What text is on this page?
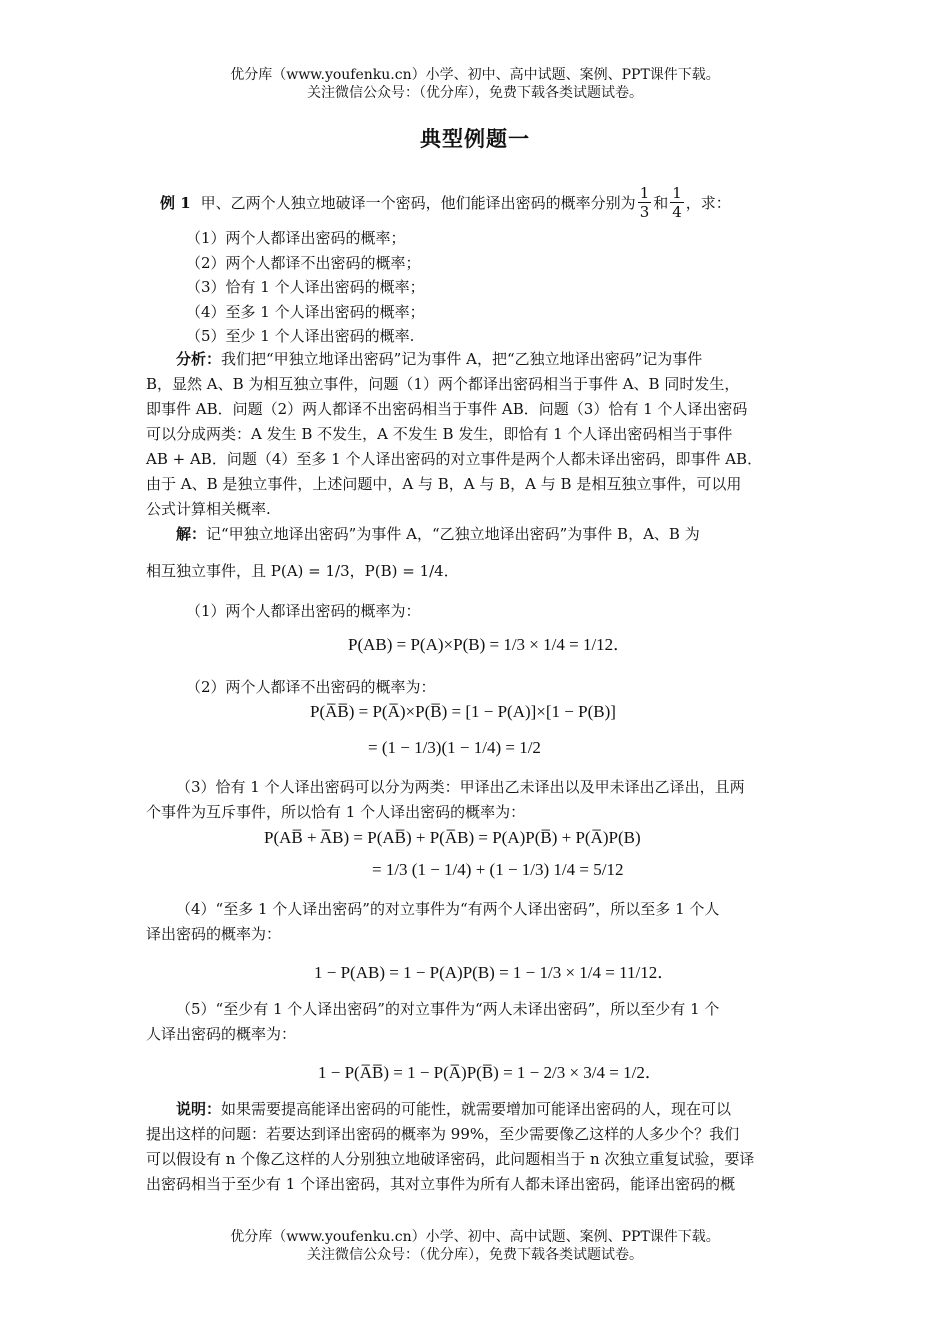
优分库（www.youfenku.cn）小学、初中、高中试题、案例、PPT课件下载。
关注微信公众号：（优分库），免费下载各类试题试卷。
典型例题一
例 1 甲、乙两个人独立地破译一个密码，他们能译出密码的概率分别为 $\frac{1}{3}$ 和 $\frac{1}{4}$ ，求：
（1）两个人都译出密码的概率；
（2）两个人都译不出密码的概率；
（3）恰有 1 个人译出密码的概率；
（4）至多 1 个人译出密码的概率；
（5）至少 1 个人译出密码的概率.
分析：我们把“甲独立地译出密码”记为事件 A，把“乙独立地译出密码”记为事件
B，显然 A、B 为相互独立事件，问题（1）两个都译出密码相当于事件 A、B 同时发生，
即事件 AB．问题（2）两人都译不出密码相当于事件 AB．问题（3）恰有 1 个人译出密码
可以分成两类：A 发生 B 不发生，A 不发生 B 发生，即恰有 1 个人译出密码相当于事件
AB + AB．问题（4）至多 1 个人译出密码的对立事件是两个人都未译出密码，即事件 AB．
由于 A、B 是独立事件，上述问题中，A 与 B，A 与 B，A 与 B 是相互独立事件，可以用
公式计算相关概率.
解：记“甲独立地译出密码”为事件 A，“乙独立地译出密码”为事件 B，A、B 为
相互独立事件，且 P(A) = 1/3，P(B) = 1/4．
（1）两个人都译出密码的概率为：
P(AB) = P(A)×P(B) = 1/3 × 1/4 = 1/12．
（2）两个人都译不出密码的概率为：
P(A̅B̅) = P(A̅)×P(B̅) = [1 − P(A)]×[1 − P(B)]
= (1 − 1/3)(1 − 1/4) = 1/2
（3）恰有 1 个人译出密码可以分为两类：甲译出乙未译出以及甲未译出乙译出，且两
个事件为互斥事件，所以恰有 1 个人译出密码的概率为：
P(AB̅ + A̅B) = P(AB̅) + P(A̅B) = P(A)P(B̅) + P(A̅)P(B)
= 1/3 (1 − 1/4) + (1 − 1/3) 1/4 = 5/12
（4）“至多 1 个人译出密码”的对立事件为“有两个人译出密码”，所以至多 1 个人
译出密码的概率为：
1 − P(AB) = 1 − P(A)P(B) = 1 − 1/3 × 1/4 = 11/12．
（5）“至少有 1 个人译出密码”的对立事件为“两人未译出密码”，所以至少有 1 个
人译出密码的概率为：
1 − P(A̅B̅) = 1 − P(A̅)P(B̅) = 1 − 2/3 × 3/4 = 1/2．
说明：如果需要提高能译出密码的可能性，就需要增加可能译出密码的人，现在可以
提出这样的问题：若要达到译出密码的概率为 99%，至少需要像乙这样的人多少个？我们
可以假设有 n 个像乙这样的人分别独立地破译密码，此问题相当于 n 次独立重复试验，要译
出密码相当于至少有 1 个译出密码，其对立事件为所有人都未译出密码，能译出密码的概
优分库（www.youfenku.cn）小学、初中、高中试题、案例、PPT课件下载。
关注微信公众号：（优分库），免费下载各类试题试卷。
